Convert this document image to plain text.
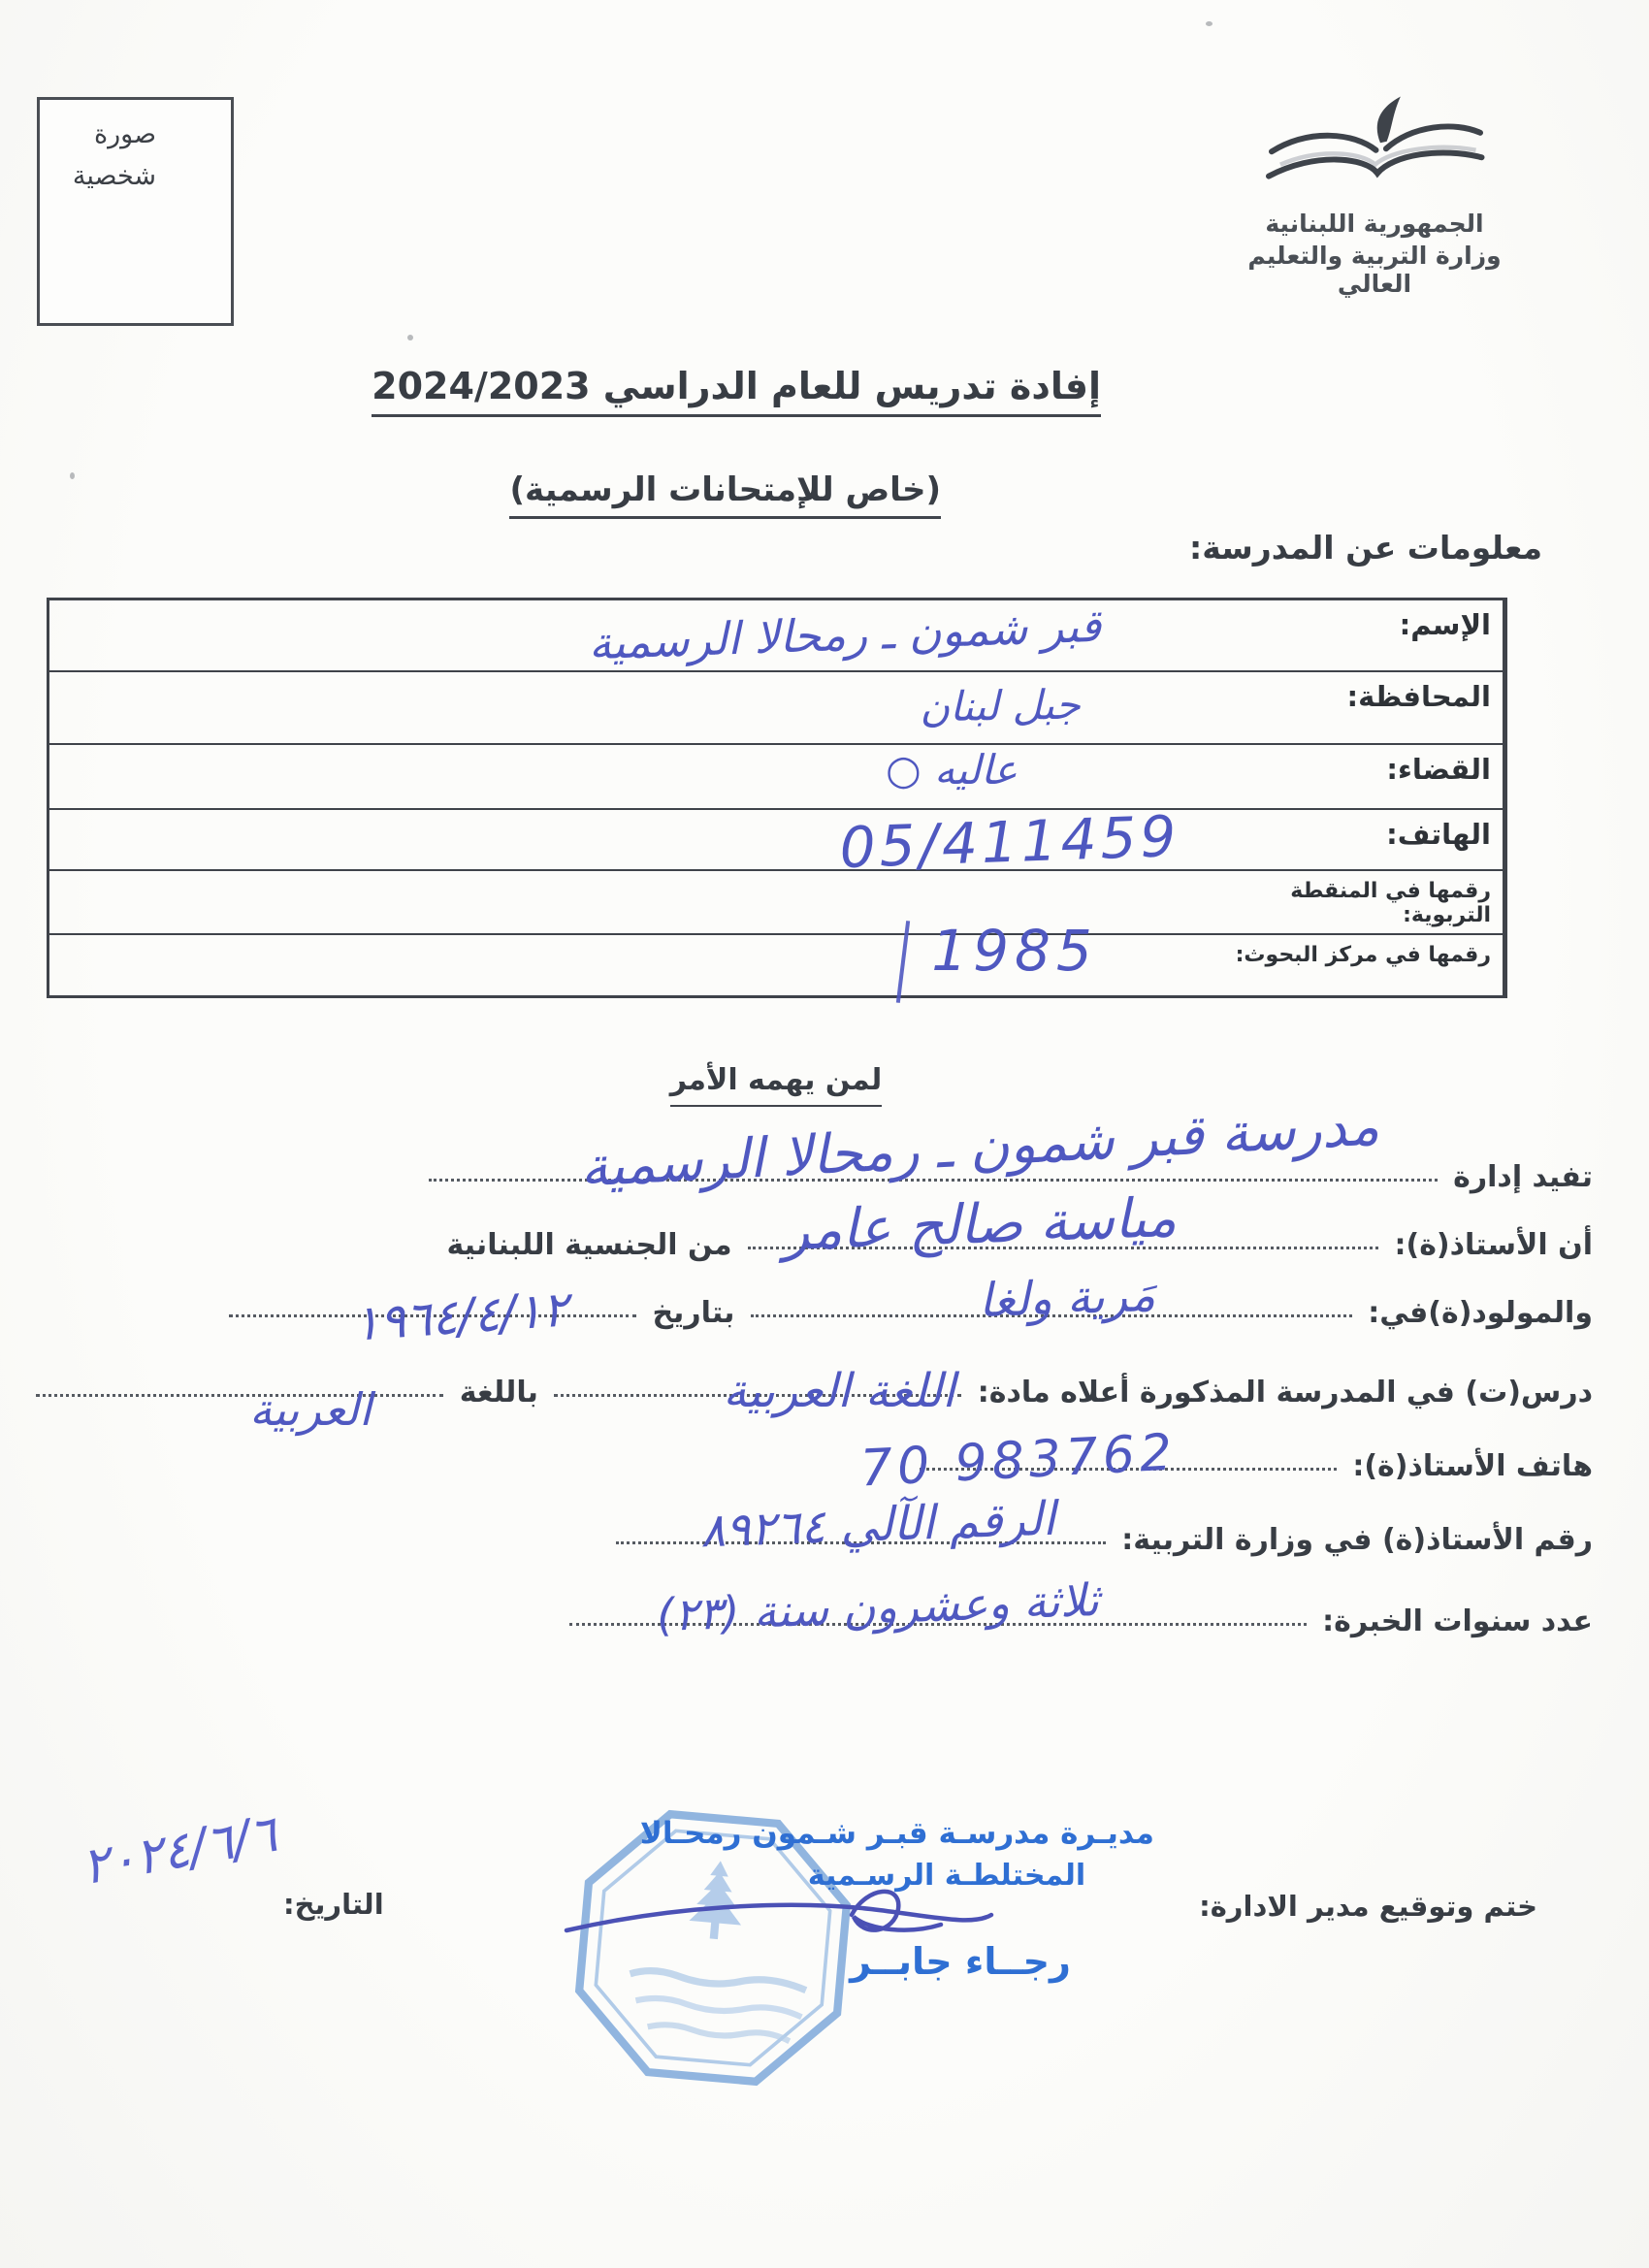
صورة شخصية
الجمهورية اللبنانية
وزارة التربية والتعليم العالي
إفادة تدريس للعام الدراسي 2024/2023
(خاص للإمتحانات الرسمية)
معلومات عن المدرسة:
الإسم:
المحافظة:
القضاء:
الهاتف:
رقمها في المنقطة التربوية:
رقمها في مركز البحوث:
قبر شمون ـ رمحالا الرسمية
جبل لبنان
عاليه ○
05/411459
1985
لمن يهمه الأمر
تفيد إدارة
أن الأستاذ(ة):  من الجنسية اللبنانية
والمولود(ة)في:  بتاريخ
درس(ت) في المدرسة المذكورة أعلاه مادة:  باللغة
هاتف الأستاذ(ة):
رقم الأستاذ(ة) في وزارة التربية:
عدد سنوات الخبرة:
مدرسة قبر شمون ـ رمحالا الرسمية
مياسة صالح عامر
مَرية ولغا
١٩٦٤/٤/١٢
اللغة العربية
العربية
70 983762
الرقم الآلي ٨٩٢٦٤
ثلاثة وعشرون سنة (٢٣)
مديـرة مدرسـة قبـر شـمون رمحـالا
المختلطـة الرسـمية
رجــاء جابــر
ختم وتوقيع مدير الادارة:
التاريخ:
٢٠٢٤/٦/٦
